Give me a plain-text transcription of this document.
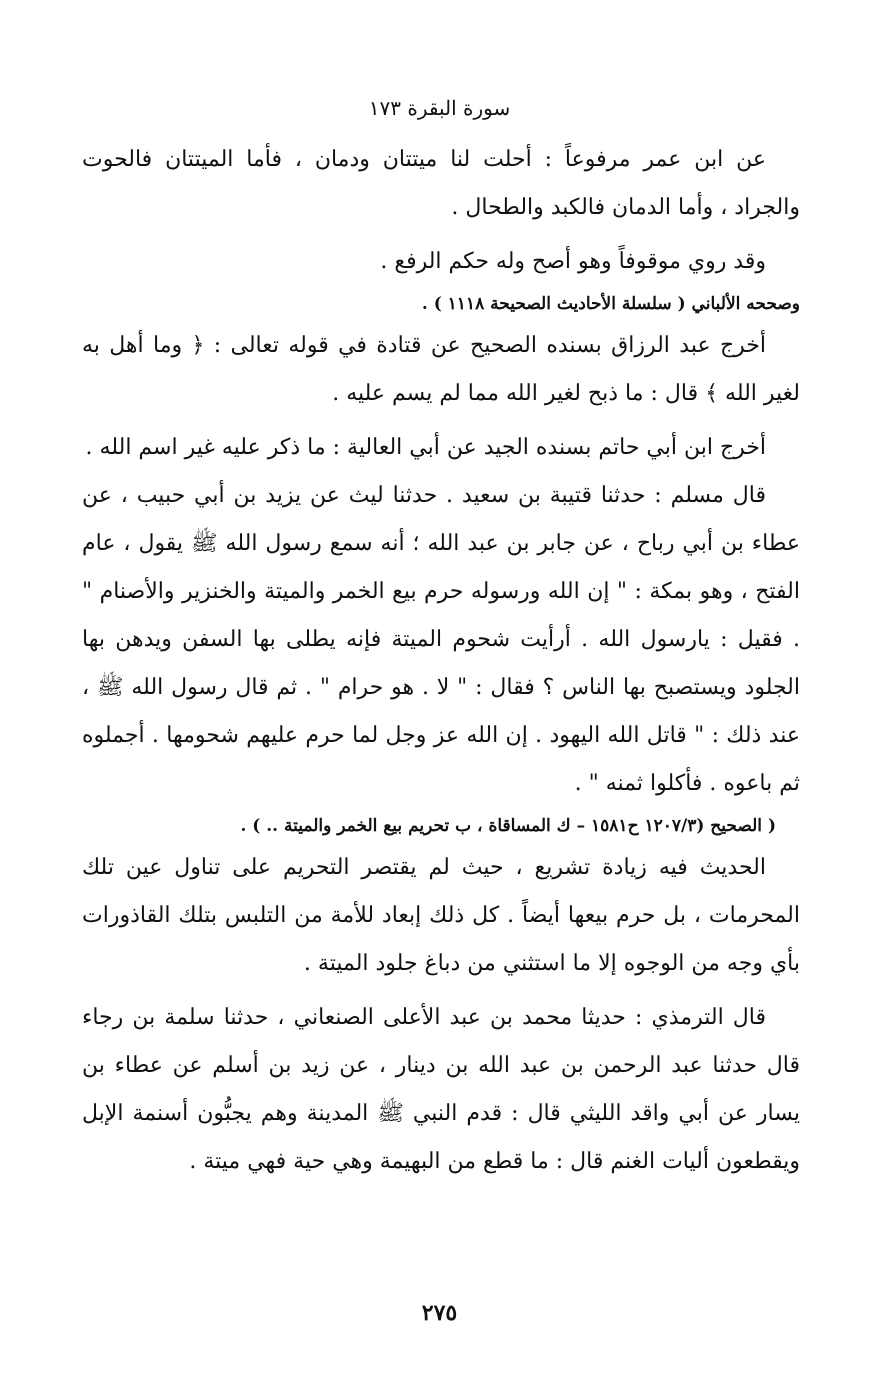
سورة البقرة ١٧٣

عن ابن عمر مرفوعاً : أحلت لنا ميتتان ودمان ، فأما الميتتان فالحوت والجراد ، وأما الدمان فالكبد والطحال .

وقد روي موقوفاً وهو أصح وله حكم الرفع .

وصححه الألباني ( سلسلة الأحاديث الصحيحة ١١١٨ ) .

أخرج عبد الرزاق بسنده الصحيح عن قتادة في قوله تعالى : ﴿ وما أهل به لغير الله ﴾ قال : ما ذبح لغير الله مما لم يسم عليه .

أخرج ابن أبي حاتم بسنده الجيد عن أبي العالية : ما ذكر عليه غير اسم الله .

قال مسلم : حدثنا قتيبة بن سعيد . حدثنا ليث عن يزيد بن أبي حبيب ، عن عطاء بن أبي رباح ، عن جابر بن عبد الله ؛ أنه سمع رسول الله ﷺ يقول ، عام الفتح ، وهو بمكة : " إن الله ورسوله حرم بيع الخمر والميتة والخنزير والأصنام " . فقيل : يارسول الله . أرأيت شحوم الميتة فإنه يطلى بها السفن ويدهن بها الجلود ويستصبح بها الناس ؟ فقال : " لا . هو حرام " . ثم قال رسول الله ﷺ ، عند ذلك : " قاتل الله اليهود . إن الله عز وجل لما حرم عليهم شحومها . أجملوه ثم باعوه . فأكلوا ثمنه " .

( الصحيح (١٢٠٧/٣ ح١٥٨١ – ك المساقاة ، ب تحريم بيع الخمر والميتة .. ) .

الحديث فيه زيادة تشريع ، حيث لم يقتصر التحريم على تناول عين تلك المحرمات ، بل حرم بيعها أيضاً . كل ذلك إبعاد للأمة من التلبس بتلك القاذورات بأي وجه من الوجوه إلا ما استثني من دباغ جلود الميتة .

قال الترمذي : حديثا محمد بن عبد الأعلى الصنعاني ، حدثنا سلمة بن رجاء قال حدثنا عبد الرحمن بن عبد الله بن دينار ، عن زيد بن أسلم عن عطاء بن يسار عن أبي واقد الليثي قال : قدم النبي ﷺ المدينة وهم يجبُّون أسنمة الإبل ويقطعون أليات الغنم قال : ما قطع من البهيمة وهي حية فهي ميتة .

٢٧٥
